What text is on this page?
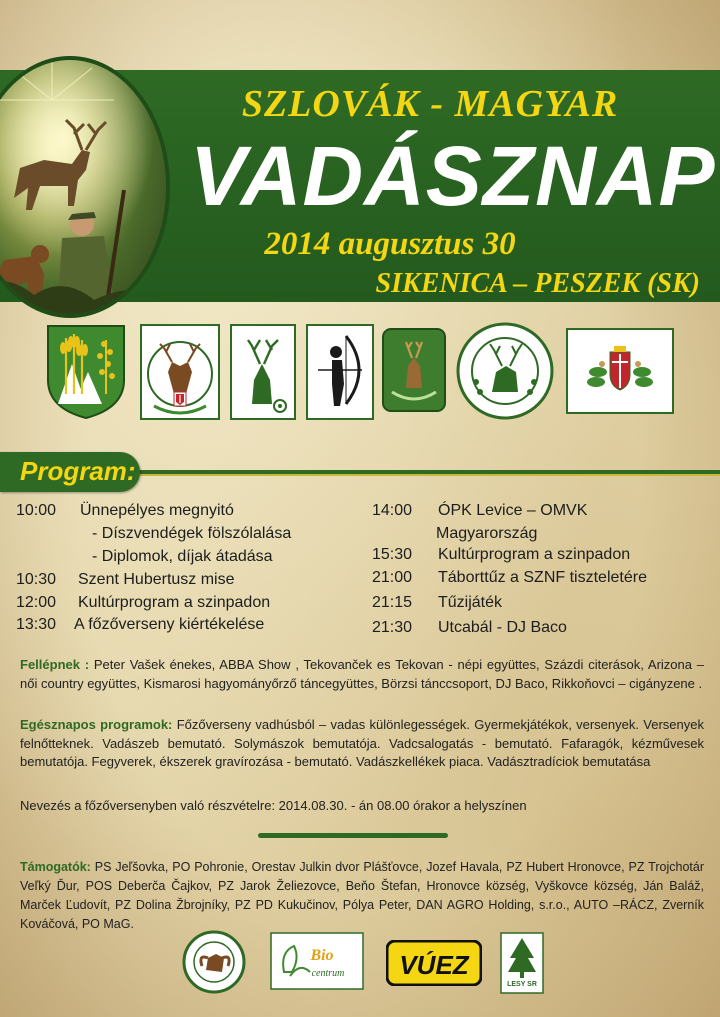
SZLOVÁK - MAGYAR
VADÁSZNAP
2014 augusztus 30
SIKENICA – PESZEK (SK)
Program:
10:00 Ünnepélyes megnyitó
- Díszvendégek fölszólalása
- Diplomok, díjak átadása
10:30 Szent Hubertusz mise
12:00 Kultúrprogram a szinpadon
13:30 A főzőverseny kiértékelése
14:00 ÓPK Levice – OMVK
Magyarország
15:30 Kultúrprogram a szinpadon
21:00 Táborttűz a SZNF tiszteletére
21:15 Tűzijáték
21:30 Utcabál - DJ Baco
Fellépnek : Peter Vašek énekes, ABBA Show , Tekovanček es Tekovan - népi együttes, Százdi citerások, Arizona – női country együttes, Kismarosi hagyományőrző táncegyüttes, Börzsi tánccsoport, DJ Baco, Rikkoňovci – cigányzene .
Egésznapos programok: Főzőverseny vadhúsból – vadas különlegességek. Gyermekjátékok, versenyek. Versenyek felnőtteknek. Vadászeb bemutató. Solymászok bemutatója. Vadcsalogatás - bemutató. Fafaragók, kézművesek bemutatója. Fegyverek, ékszerek gravírozása - bemutató. Vadászkellékek piaca. Vadásztradíciok bemutatása
Nevezés a főzőversenyben való részvételre: 2014.08.30. - án 08.00 órakor a helyszínen
Támogatók: PS Jeľšovka, PO Pohronie, Orestav Julkin dvor Plášťovce, Jozef Havala, PZ Hubert Hronovce, PZ Trojchotár Veľký Ďur, POS Deberča Čajkov, PZ Jarok Želiezovce, Beňo Štefan, Hronovce község, Vyškovce község, Ján Baláž, Marček Ľudovít, PZ Dolina Žbrojníky, PZ PD Kukučinov, Pólya Peter, DAN AGRO Holding, s.r.o., AUTO –RÁCZ, Zverník Kováčová, PO MaG.
Bio
centrum VÚEZ
LESY SR
